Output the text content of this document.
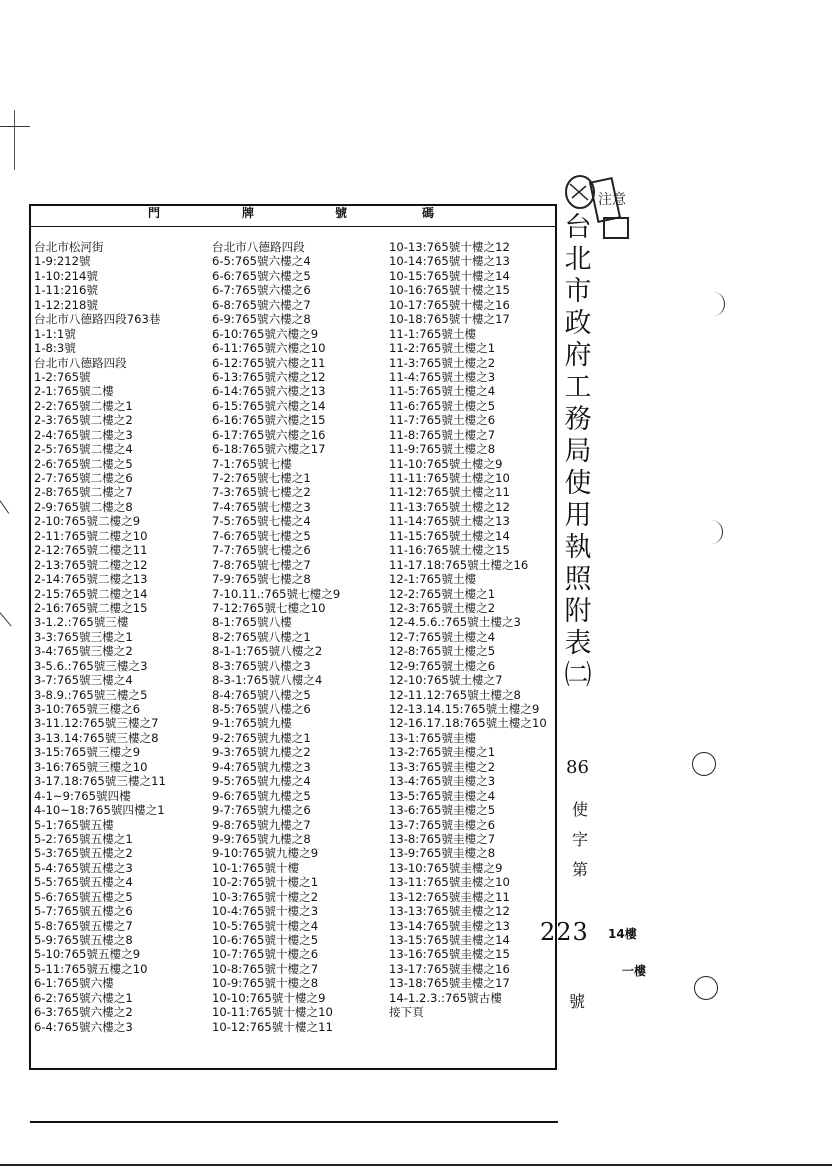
門	牌	號	碼
台北市松河街
1-9:212號
1-10:214號
1-11:216號
1-12:218號
台北市八德路四段763巷
1-1:1號
1-8:3號
台北市八德路四段
1-2:765號
2-1:765號二樓
2-2:765號二樓之1
2-3:765號二樓之2
2-4:765號二樓之3
2-5:765號二樓之4
2-6:765號二樓之5
2-7:765號二樓之6
2-8:765號二樓之7
2-9:765號二樓之8
2-10:765號二樓之9
2-11:765號二樓之10
2-12:765號二樓之11
2-13:765號二樓之12
2-14:765號二樓之13
2-15:765號二樓之14
2-16:765號二樓之15
3-1.2.:765號三樓
3-3:765號三樓之1
3-4:765號三樓之2
3-5.6.:765號三樓之3
3-7:765號三樓之4
3-8.9.:765號三樓之5
3-10:765號三樓之6
3-11.12:765號三樓之7
3-13.14:765號三樓之8
3-15:765號三樓之9
3-16:765號三樓之10
3-17.18:765號三樓之11
4-1~9:765號四樓
4-10~18:765號四樓之1
5-1:765號五樓
5-2:765號五樓之1
5-3:765號五樓之2
5-4:765號五樓之3
5-5:765號五樓之4
5-6:765號五樓之5
5-7:765號五樓之6
5-8:765號五樓之7
5-9:765號五樓之8
5-10:765號五樓之9
5-11:765號五樓之10
6-1:765號六樓
6-2:765號六樓之1
6-3:765號六樓之2
6-4:765號六樓之3
台北市八德路四段
6-5:765號六樓之4
6-6:765號六樓之5
6-7:765號六樓之6
6-8:765號六樓之7
6-9:765號六樓之8
6-10:765號六樓之9
6-11:765號六樓之10
6-12:765號六樓之11
6-13:765號六樓之12
6-14:765號六樓之13
6-15:765號六樓之14
6-16:765號六樓之15
6-17:765號六樓之16
6-18:765號六樓之17
7-1:765號七樓
7-2:765號七樓之1
7-3:765號七樓之2
7-4:765號七樓之3
7-5:765號七樓之4
7-6:765號七樓之5
7-7:765號七樓之6
7-8:765號七樓之7
7-9:765號七樓之8
7-10.11.:765號七樓之9
7-12:765號七樓之10
8-1:765號八樓
8-2:765號八樓之1
8-1-1:765號八樓之2
8-3:765號八樓之3
8-3-1:765號八樓之4
8-4:765號八樓之5
8-5:765號八樓之6
9-1:765號九樓
9-2:765號九樓之1
9-3:765號九樓之2
9-4:765號九樓之3
9-5:765號九樓之4
9-6:765號九樓之5
9-7:765號九樓之6
9-8:765號九樓之7
9-9:765號九樓之8
9-10:765號九樓之9
10-1:765號十樓
10-2:765號十樓之1
10-3:765號十樓之2
10-4:765號十樓之3
10-5:765號十樓之4
10-6:765號十樓之5
10-7:765號十樓之6
10-8:765號十樓之7
10-9:765號十樓之8
10-10:765號十樓之9
10-11:765號十樓之10
10-12:765號十樓之11
10-13:765號十樓之12
10-14:765號十樓之13
10-15:765號十樓之14
10-16:765號十樓之15
10-17:765號十樓之16
10-18:765號十樓之17
11-1:765號土樓
11-2:765號土樓之1
11-3:765號土樓之2
11-4:765號土樓之3
11-5:765號土樓之4
11-6:765號土樓之5
11-7:765號土樓之6
11-8:765號土樓之7
11-9:765號土樓之8
11-10:765號土樓之9
11-11:765號土樓之10
11-12:765號土樓之11
11-13:765號土樓之12
11-14:765號土樓之13
11-15:765號土樓之14
11-16:765號土樓之15
11-17.18:765號土樓之16
12-1:765號土樓
12-2:765號土樓之1
12-3:765號土樓之2
12-4.5.6.:765號土樓之3
12-7:765號土樓之4
12-8:765號土樓之5
12-9:765號土樓之6
12-10:765號土樓之7
12-11.12:765號土樓之8
12-13.14.15:765號土樓之9
12-16.17.18:765號土樓之10
13-1:765號圭樓
13-2:765號圭樓之1
13-3:765號圭樓之2
13-4:765號圭樓之3
13-5:765號圭樓之4
13-6:765號圭樓之5
13-7:765號圭樓之6
13-8:765號圭樓之7
13-9:765號圭樓之8
13-10:765號圭樓之9
13-11:765號圭樓之10
13-12:765號圭樓之11
13-13:765號圭樓之12
13-14:765號圭樓之13
13-15:765號圭樓之14
13-16:765號圭樓之15
13-17:765號圭樓之16
13-18:765號圭樓之17
14-1.2.3.:765號古樓
接下頁
台
北
市
政
府
工
務
局
使
用
執
照
附
表
㈡
注意
86
使
字
第
223 14樓
一樓
號
